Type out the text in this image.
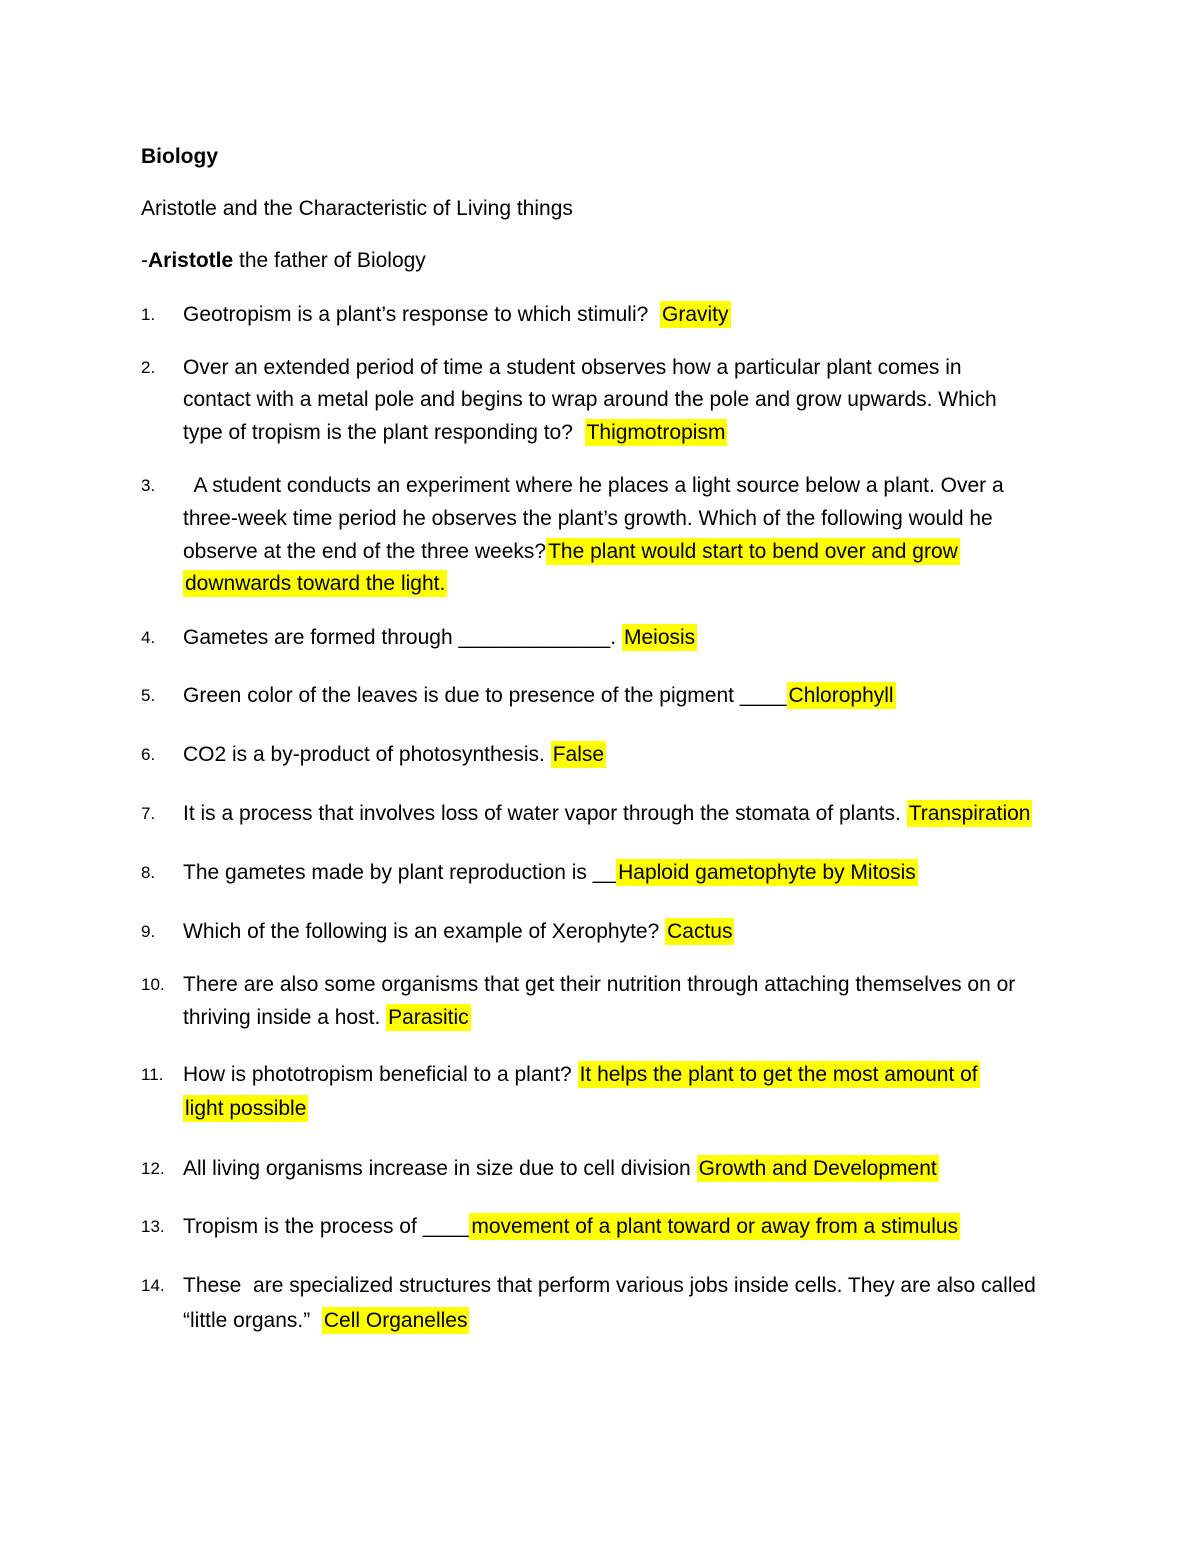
Biology
Aristotle and the Characteristic of Living things
-Aristotle the father of Biology
1. Geotropism is a plant’s response to which stimuli?  Gravity
2. Over an extended period of time a student observes how a particular plant comes in
contact with a metal pole and begins to wrap around the pole and grow upwards. Which
type of tropism is the plant responding to?  Thigmotropism
3. A student conducts an experiment where he places a light source below a plant. Over a
three-week time period he observes the plant’s growth. Which of the following would he
observe at the end of the three weeks?The plant would start to bend over and grow
downwards toward the light.
4. Gametes are formed through _____________. Meiosis
5. Green color of the leaves is due to presence of the pigment ____Chlorophyll
6. CO2 is a by-product of photosynthesis. False
7. It is a process that involves loss of water vapor through the stomata of plants. Transpiration
8. The gametes made by plant reproduction is __Haploid gametophyte by Mitosis
9. Which of the following is an example of Xerophyte? Cactus
10. There are also some organisms that get their nutrition through attaching themselves on or
thriving inside a host. Parasitic
11. How is phototropism beneficial to a plant? It helps the plant to get the most amount of
light possible
12. All living organisms increase in size due to cell division Growth and Development
13. Tropism is the process of ____movement of a plant toward or away from a stimulus
14. These  are specialized structures that perform various jobs inside cells. They are also called
“little organs.”  Cell Organelles
